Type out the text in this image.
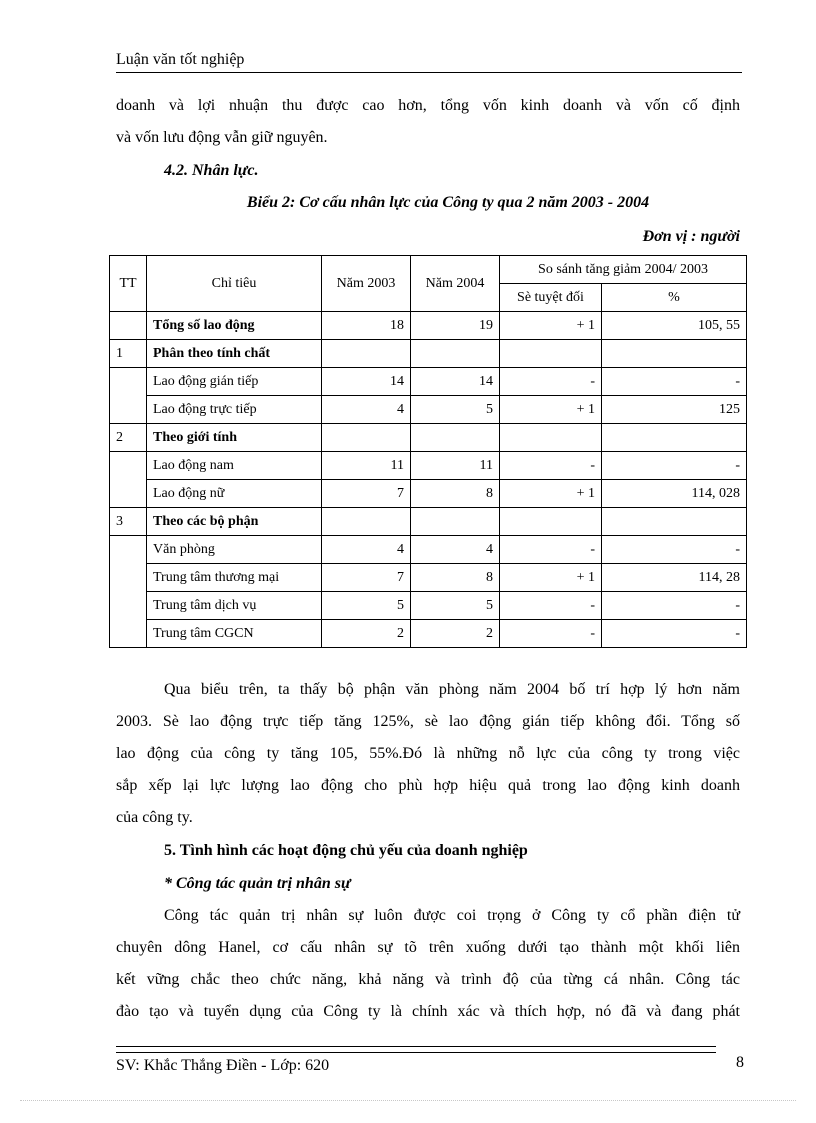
Luận văn tốt nghiệp
doanh và lợi nhuận thu được cao hơn, tổng vốn kinh doanh và vốn cố định
và vốn lưu động vẫn giữ nguyên.
4.2. Nhân lực.
Biểu 2: Cơ cấu nhân lực của Công ty qua 2 năm 2003 - 2004
Đơn vị : người
TT	Chỉ tiêu	Năm 2003	Năm 2004	So sánh tăng giảm 2004/ 2003	
				Sè tuyệt đối	%
	Tổng số lao động	18	19	+ 1	105, 55
1	Phân theo tính chất				
	Lao động gián tiếp	14	14	-	-
	Lao động trực tiếp	4	5	+ 1	125
2	Theo giới tính				
	Lao động nam	11	11	-	-
	Lao động nữ	7	8	+ 1	114, 028
3	Theo các bộ phận				
	Văn phòng	4	4	-	-
	Trung tâm thương mại	7	8	+ 1	114, 28
	Trung tâm dịch vụ	5	5	-	-
	Trung tâm CGCN	2	2	-	-
Qua biểu trên, ta thấy bộ phận văn phòng năm 2004 bố trí hợp lý hơn năm
2003. Sè lao động trực tiếp tăng 125%, sè lao động gián tiếp không đổi. Tổng số
lao động của công ty tăng 105, 55%.Đó là những nỗ lực của công ty trong việc
sắp xếp lại lực lượng lao động cho phù hợp hiệu quả trong lao động kinh doanh
của công ty.
5. Tình hình các hoạt động chủ yếu của doanh nghiệp
* Công tác quản trị nhân sự
Công tác quản trị nhân sự luôn được coi trọng ở Công ty cổ phần điện tử
chuyên dông Hanel, cơ cấu nhân sự tõ trên xuống dưới tạo thành một khối liên
kết vững chắc theo chức năng, khả năng và trình độ của từng cá nhân. Công tác
đào tạo và tuyển dụng của Công ty là chính xác và thích hợp, nó đã và đang phát
SV: Khắc Thắng Điền - Lớp: 620	8
